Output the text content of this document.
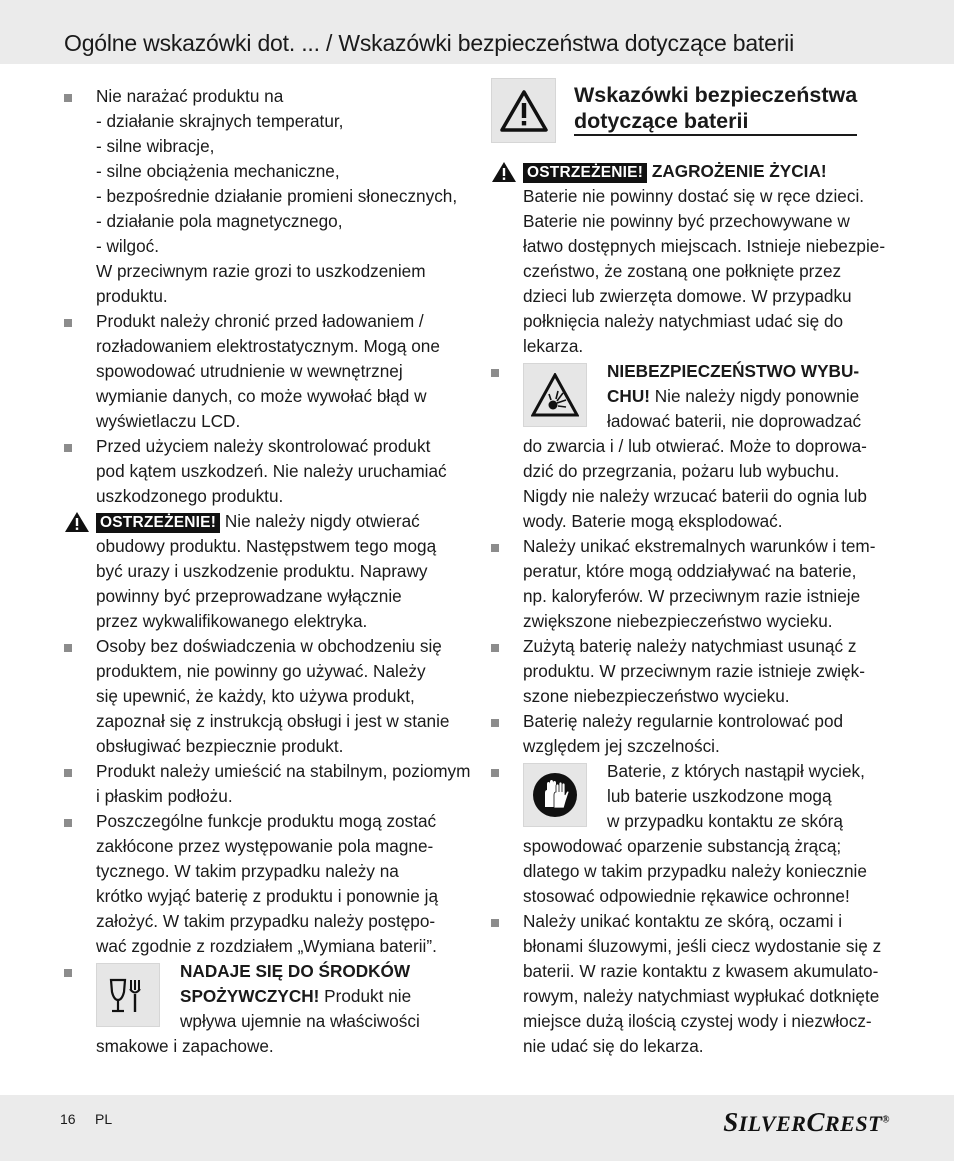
Ogólne wskazówki dot. ... / Wskazówki bezpieczeństwa dotyczące baterii
Nie narażać produktu na
- działanie skrajnych temperatur,
- silne wibracje,
- silne obciążenia mechaniczne,
- bezpośrednie działanie promieni słonecznych,
- działanie pola magnetycznego,
- wilgoć.
W przeciwnym razie grozi to uszkodzeniem
produktu.
Produkt należy chronić przed ładowaniem /
rozładowaniem elektrostatycznym. Mogą one
spowodować utrudnienie w wewnętrznej
wymianie danych, co może wywołać błąd w
wyświetlaczu LCD.
Przed użyciem należy skontrolować produkt
pod kątem uszkodzeń. Nie należy uruchamiać
uszkodzonego produktu.
OSTRZEŻENIE! Nie należy nigdy otwierać
obudowy produktu. Następstwem tego mogą
być urazy i uszkodzenie produktu. Naprawy
powinny być przeprowadzane wyłącznie
przez wykwalifikowanego elektryka.
Osoby bez doświadczenia w obchodzeniu się
produktem, nie powinny go używać. Należy
się upewnić, że każdy, kto używa produkt,
zapoznał się z instrukcją obsługi i jest w stanie
obsługiwać bezpiecznie produkt.
Produkt należy umieścić na stabilnym, poziomym
i płaskim podłożu.
Poszczególne funkcje produktu mogą zostać
zakłócone przez występowanie pola magne-
tycznego. W takim przypadku należy na
krótko wyjąć baterię z produktu i ponownie ją
założyć. W takim przypadku należy postępo-
wać zgodnie z rozdziałem „Wymiana baterii”.
NADAJE SIĘ DO ŚRODKÓW
SPOŻYWCZYCH! Produkt nie
wpływa ujemnie na właściwości
smakowe i zapachowe.
Wskazówki bezpieczeństwa
dotyczące baterii
OSTRZEŻENIE! ZAGROŻENIE ŻYCIA!
Baterie nie powinny dostać się w ręce dzieci.
Baterie nie powinny być przechowywane w
łatwo dostępnych miejscach. Istnieje niebezpie-
czeństwo, że zostaną one połknięte przez
dzieci lub zwierzęta domowe. W przypadku
połknięcia należy natychmiast udać się do
lekarza.
NIEBEZPIECZEŃSTWO WYBU-
CHU! Nie należy nigdy ponownie
ładować baterii, nie doprowadzać
do zwarcia i / lub otwierać. Może to doprowa-
dzić do przegrzania, pożaru lub wybuchu.
Nigdy nie należy wrzucać baterii do ognia lub
wody. Baterie mogą eksplodować.
Należy unikać ekstremalnych warunków i tem-
peratur, które mogą oddziaływać na baterie,
np. kaloryferów. W przeciwnym razie istnieje
zwiększone niebezpieczeństwo wycieku.
Zużytą baterię należy natychmiast usunąć z
produktu. W przeciwnym razie istnieje zwięk-
szone niebezpieczeństwo wycieku.
Baterię należy regularnie kontrolować pod
względem jej szczelności.
Baterie, z których nastąpił wyciek,
lub baterie uszkodzone mogą
w przypadku kontaktu ze skórą
spowodować oparzenie substancją żrącą;
dlatego w takim przypadku należy koniecznie
stosować odpowiednie rękawice ochronne!
Należy unikać kontaktu ze skórą, oczami i
błonami śluzowymi, jeśli ciecz wydostanie się z
baterii. W razie kontaktu z kwasem akumulato-
rowym, należy natychmiast wypłukać dotknięte
miejsce dużą ilością czystej wody i niezwłocz-
nie udać się do lekarza.
16 PL	SILVERCREST®
